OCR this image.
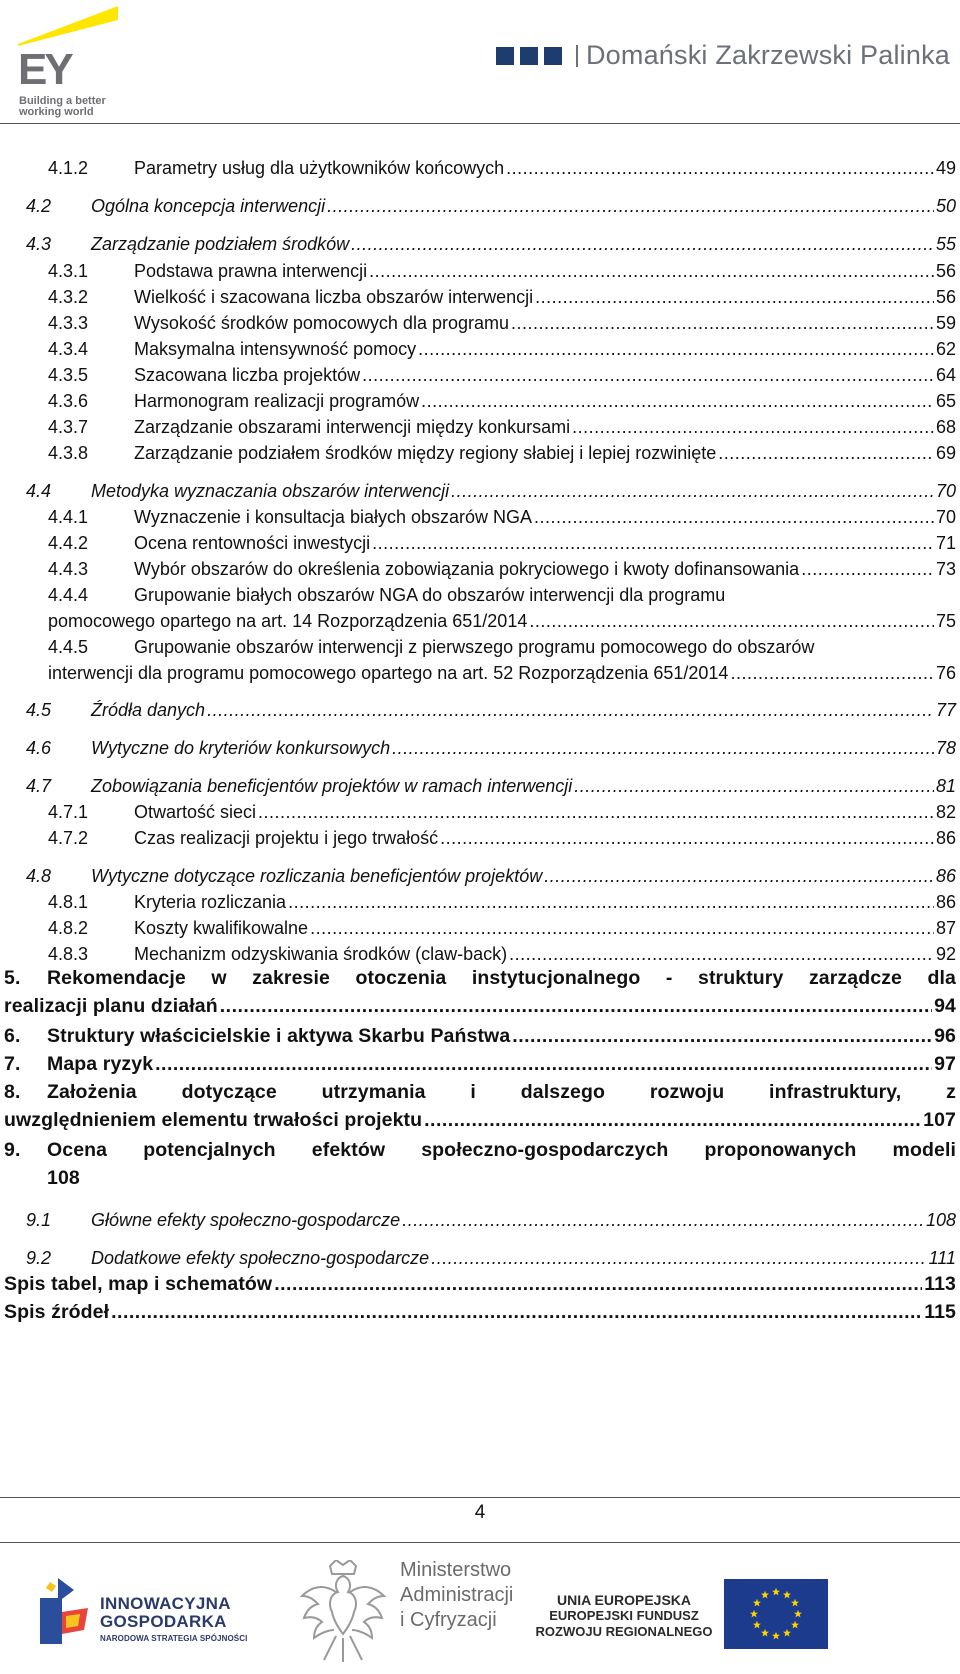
EY
Building a better
working world
Domański Zakrzewski Palinka
4.1.2	Parametry usług dla użytkowników końcowych .....	49
4.2	Ogólna koncepcja interwencji .....	50
4.3	Zarządzanie podziałem środków .....	55
4.3.1	Podstawa prawna interwencji .....	56
4.3.2	Wielkość i szacowana liczba obszarów interwencji .....	56
4.3.3	Wysokość środków pomocowych dla programu .....	59
4.3.4	Maksymalna intensywność pomocy .....	62
4.3.5	Szacowana liczba projektów .....	64
4.3.6	Harmonogram realizacji programów .....	65
4.3.7	Zarządzanie obszarami interwencji między konkursami .....	68
4.3.8	Zarządzanie podziałem środków między regiony słabiej i lepiej rozwinięte .....	69
4.4	Metodyka wyznaczania obszarów interwencji .....	70
4.4.1	Wyznaczenie i konsultacja białych obszarów NGA .....	70
4.4.2	Ocena rentowności inwestycji .....	71
4.4.3	Wybór obszarów do określenia zobowiązania pokryciowego i kwoty dofinansowania .....	73
4.4.4	Grupowanie białych obszarów NGA do obszarów interwencji dla programu
pomocowego opartego na art. 14 Rozporządzenia 651/2014 .....	75
4.4.5	Grupowanie obszarów interwencji z pierwszego programu pomocowego do obszarów
interwencji dla programu pomocowego opartego na art. 52 Rozporządzenia 651/2014 .....	76
4.5	Źródła danych .....	77
4.6	Wytyczne do kryteriów konkursowych .....	78
4.7	Zobowiązania beneficjentów projektów w ramach interwencji .....	81
4.7.1	Otwartość sieci .....	82
4.7.2	Czas realizacji projektu i jego trwałość .....	86
4.8	Wytyczne dotyczące rozliczania beneficjentów projektów .....	86
4.8.1	Kryteria rozliczania .....	86
4.8.2	Koszty kwalifikowalne .....	87
4.8.3	Mechanizm odzyskiwania środków (claw-back) .....	92
5.	Rekomendacje w zakresie otoczenia instytucjonalnego - struktury zarządcze dla
realizacji planu działań .....	94
6.	Struktury właścicielskie i aktywa Skarbu Państwa .....	96
7.	Mapa ryzyk .....	97
8.	Założenia dotyczące utrzymania i dalszego rozwoju infrastruktury, z
uwzględnieniem elementu trwałości projektu .....	107
9.	Ocena potencjalnych efektów społeczno-gospodarczych proponowanych modeli
108
9.1	Główne efekty społeczno-gospodarcze .....	108
9.2	Dodatkowe efekty społeczno-gospodarcze .....	111
Spis tabel, map i schematów .....	113
Spis źródeł .....	115
4
INNOWACYJNA
GOSPODARKA
NARODOWA STRATEGIA SPÓJNOŚCI
Ministerstwo
Administracji
i Cyfryzacji
UNIA EUROPEJSKA
EUROPEJSKI FUNDUSZ
ROZWOJU REGIONALNEGO
